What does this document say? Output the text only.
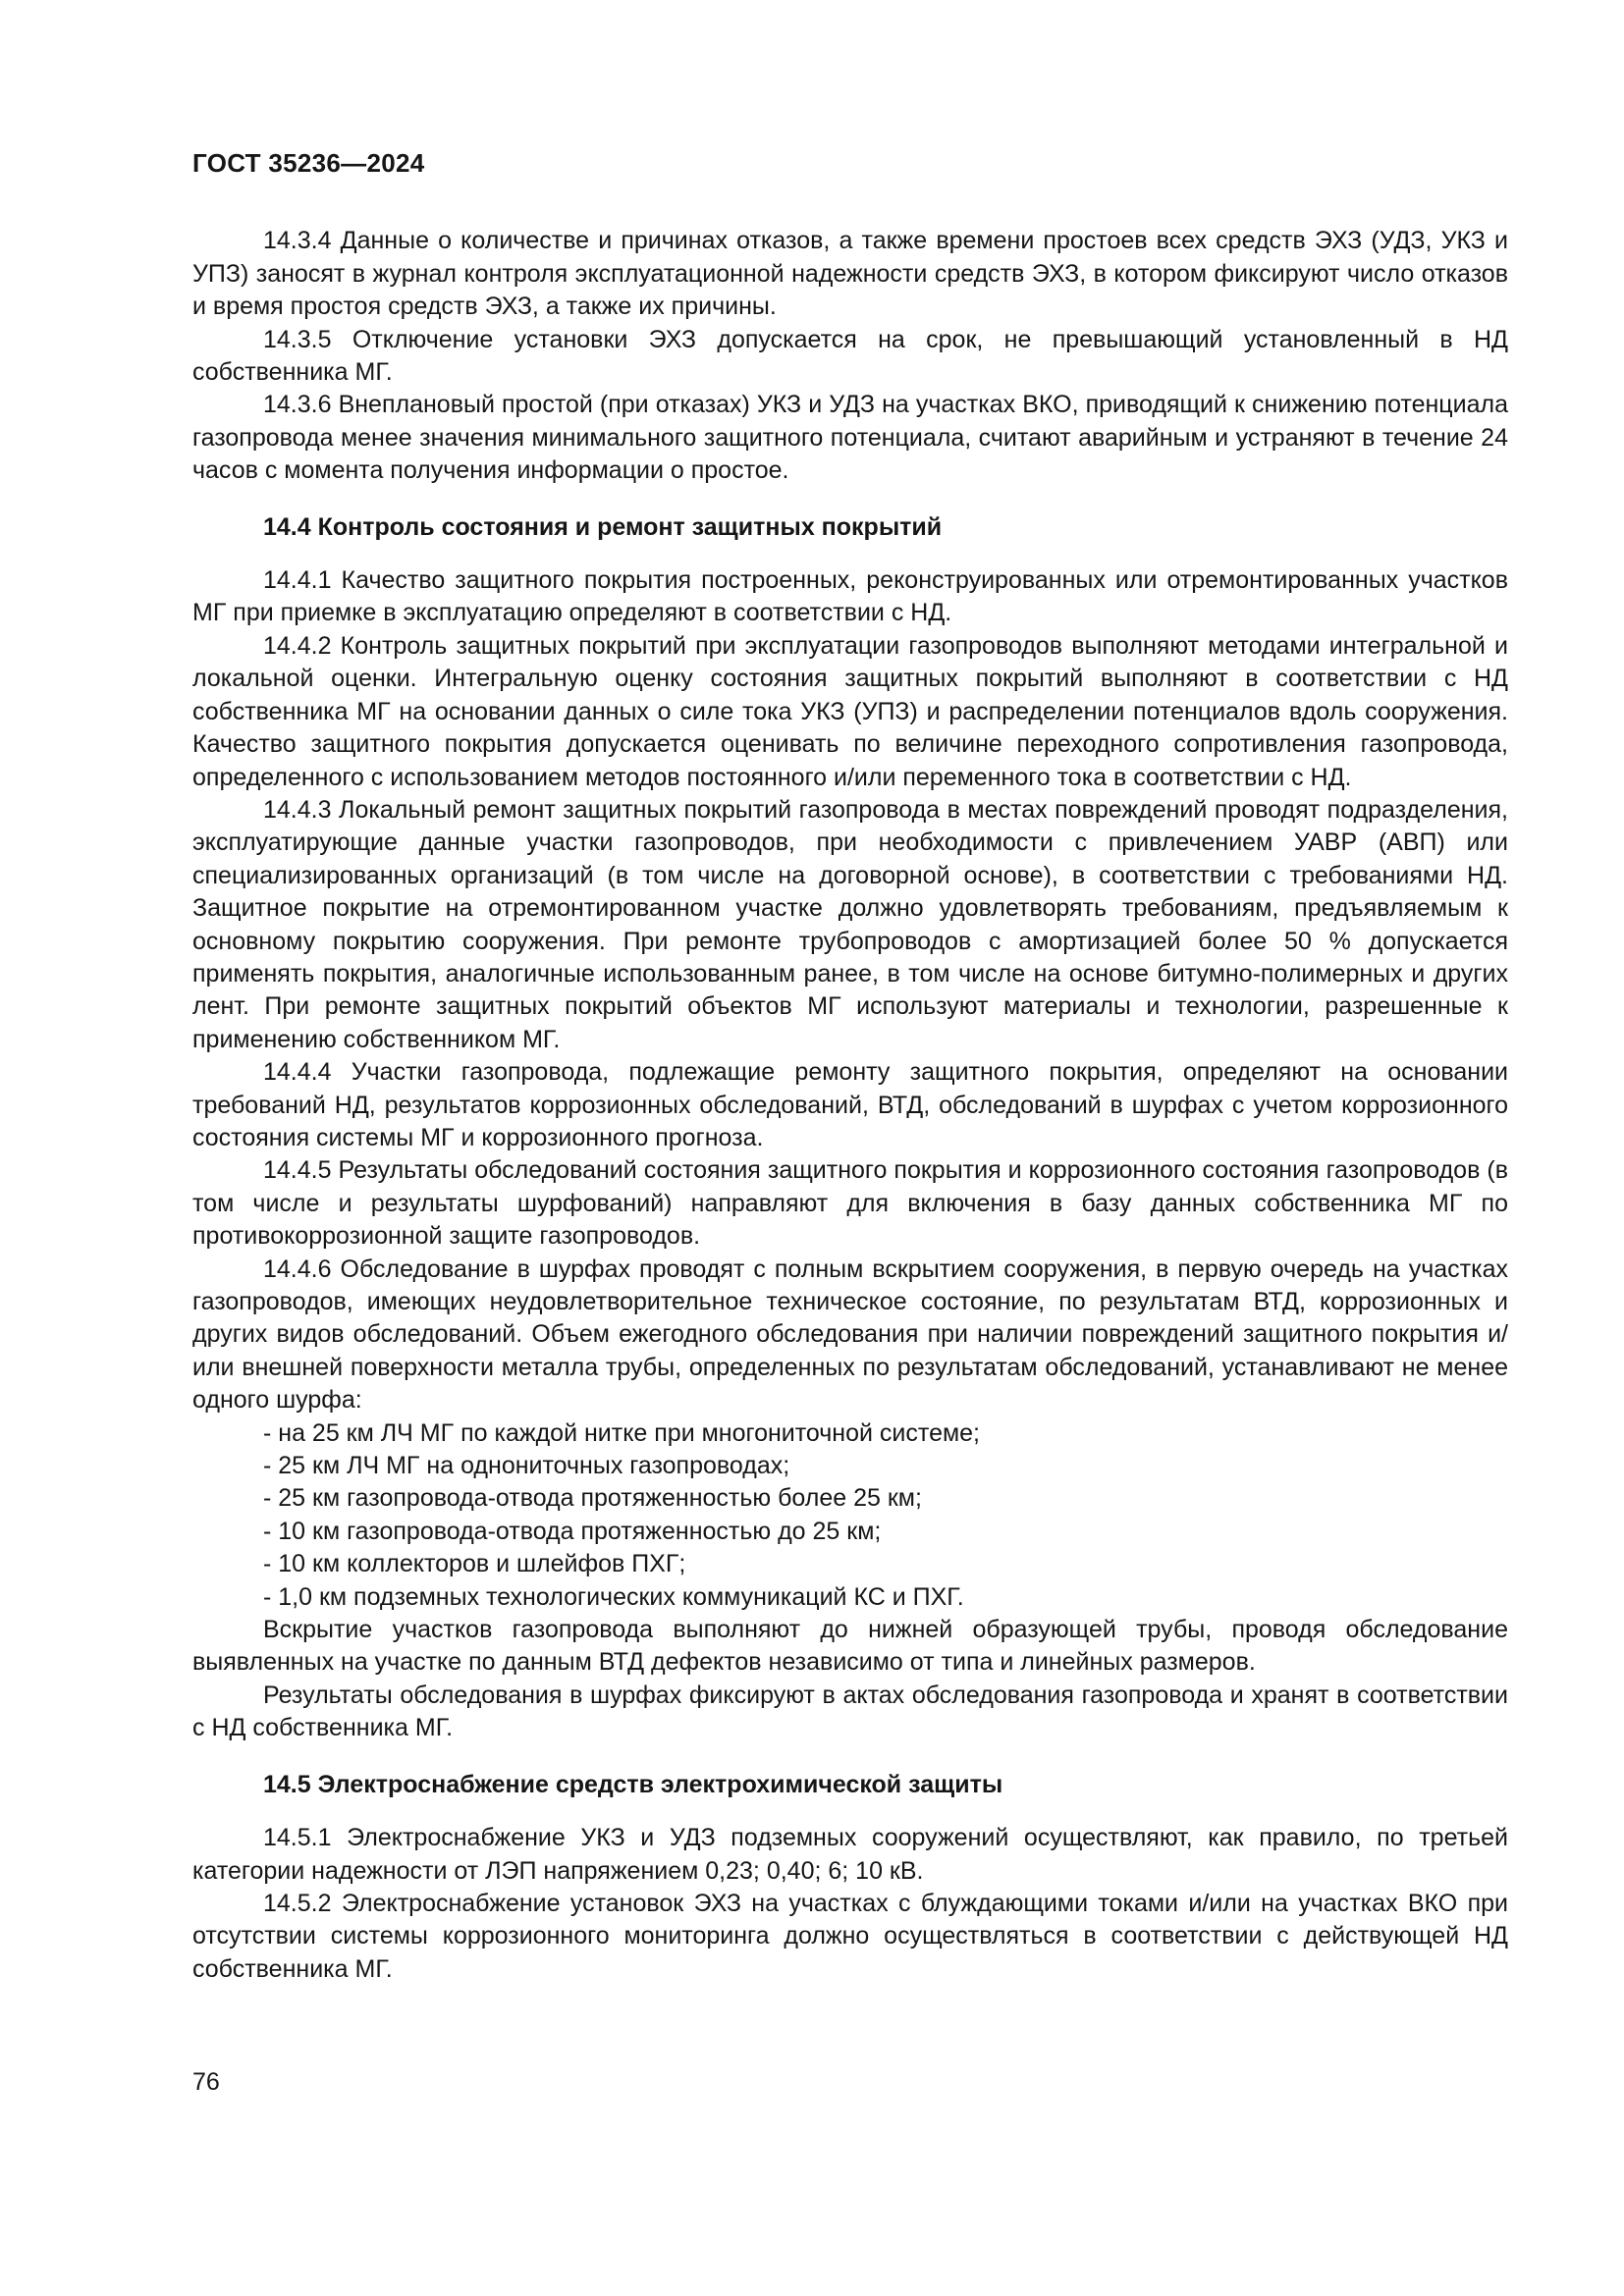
ГОСТ 35236—2024

14.3.4 Данные о количестве и причинах отказов, а также времени простоев всех средств ЭХЗ (УДЗ, УКЗ и УПЗ) заносят в журнал контроля эксплуатационной надежности средств ЭХЗ, в котором фиксируют число отказов и время простоя средств ЭХЗ, а также их причины.

14.3.5 Отключение установки ЭХЗ допускается на срок, не превышающий установленный в НД собственника МГ.

14.3.6 Внеплановый простой (при отказах) УКЗ и УДЗ на участках ВКО, приводящий к снижению потенциала газопровода менее значения минимального защитного потенциала, считают аварийным и устраняют в течение 24 часов с момента получения информации о простое.

14.4 Контроль состояния и ремонт защитных покрытий

14.4.1 Качество защитного покрытия построенных, реконструированных или отремонтированных участков МГ при приемке в эксплуатацию определяют в соответствии с НД.

14.4.2 Контроль защитных покрытий при эксплуатации газопроводов выполняют методами интегральной и локальной оценки. Интегральную оценку состояния защитных покрытий выполняют в соответствии с НД собственника МГ на основании данных о силе тока УКЗ (УПЗ) и распределении потенциалов вдоль сооружения. Качество защитного покрытия допускается оценивать по величине переходного сопротивления газопровода, определенного с использованием методов постоянного и/или переменного тока в соответствии с НД.

14.4.3 Локальный ремонт защитных покрытий газопровода в местах повреждений проводят подразделения, эксплуатирующие данные участки газопроводов, при необходимости с привлечением УАВР (АВП) или специализированных организаций (в том числе на договорной основе), в соответствии с требованиями НД. Защитное покрытие на отремонтированном участке должно удовлетворять требованиям, предъявляемым к основному покрытию сооружения. При ремонте трубопроводов с амортизацией более 50 % допускается применять покрытия, аналогичные использованным ранее, в том числе на основе битумно-полимерных и других лент. При ремонте защитных покрытий объектов МГ используют материалы и технологии, разрешенные к применению собственником МГ.

14.4.4 Участки газопровода, подлежащие ремонту защитного покрытия, определяют на основании требований НД, результатов коррозионных обследований, ВТД, обследований в шурфах с учетом коррозионного состояния системы МГ и коррозионного прогноза.

14.4.5 Результаты обследований состояния защитного покрытия и коррозионного состояния газопроводов (в том числе и результаты шурфований) направляют для включения в базу данных собственника МГ по противокоррозионной защите газопроводов.

14.4.6 Обследование в шурфах проводят с полным вскрытием сооружения, в первую очередь на участках газопроводов, имеющих неудовлетворительное техническое состояние, по результатам ВТД, коррозионных и других видов обследований. Объем ежегодного обследования при наличии повреждений защитного покрытия и/или внешней поверхности металла трубы, определенных по результатам обследований, устанавливают не менее одного шурфа:

- на 25 км ЛЧ МГ по каждой нитке при многониточной системе;

- 25 км ЛЧ МГ на однониточных газопроводах;

- 25 км газопровода-отвода протяженностью более 25 км;

- 10 км газопровода-отвода протяженностью до 25 км;

- 10 км коллекторов и шлейфов ПХГ;

- 1,0 км подземных технологических коммуникаций КС и ПХГ.

Вскрытие участков газопровода выполняют до нижней образующей трубы, проводя обследование выявленных на участке по данным ВТД дефектов независимо от типа и линейных размеров.

Результаты обследования в шурфах фиксируют в актах обследования газопровода и хранят в соответствии с НД собственника МГ.

14.5 Электроснабжение средств электрохимической защиты

14.5.1 Электроснабжение УКЗ и УДЗ подземных сооружений осуществляют, как правило, по третьей категории надежности от ЛЭП напряжением 0,23; 0,40; 6; 10 кВ.

14.5.2 Электроснабжение установок ЭХЗ на участках с блуждающими токами и/или на участках ВКО при отсутствии системы коррозионного мониторинга должно осуществляться в соответствии с действующей НД собственника МГ.

76
